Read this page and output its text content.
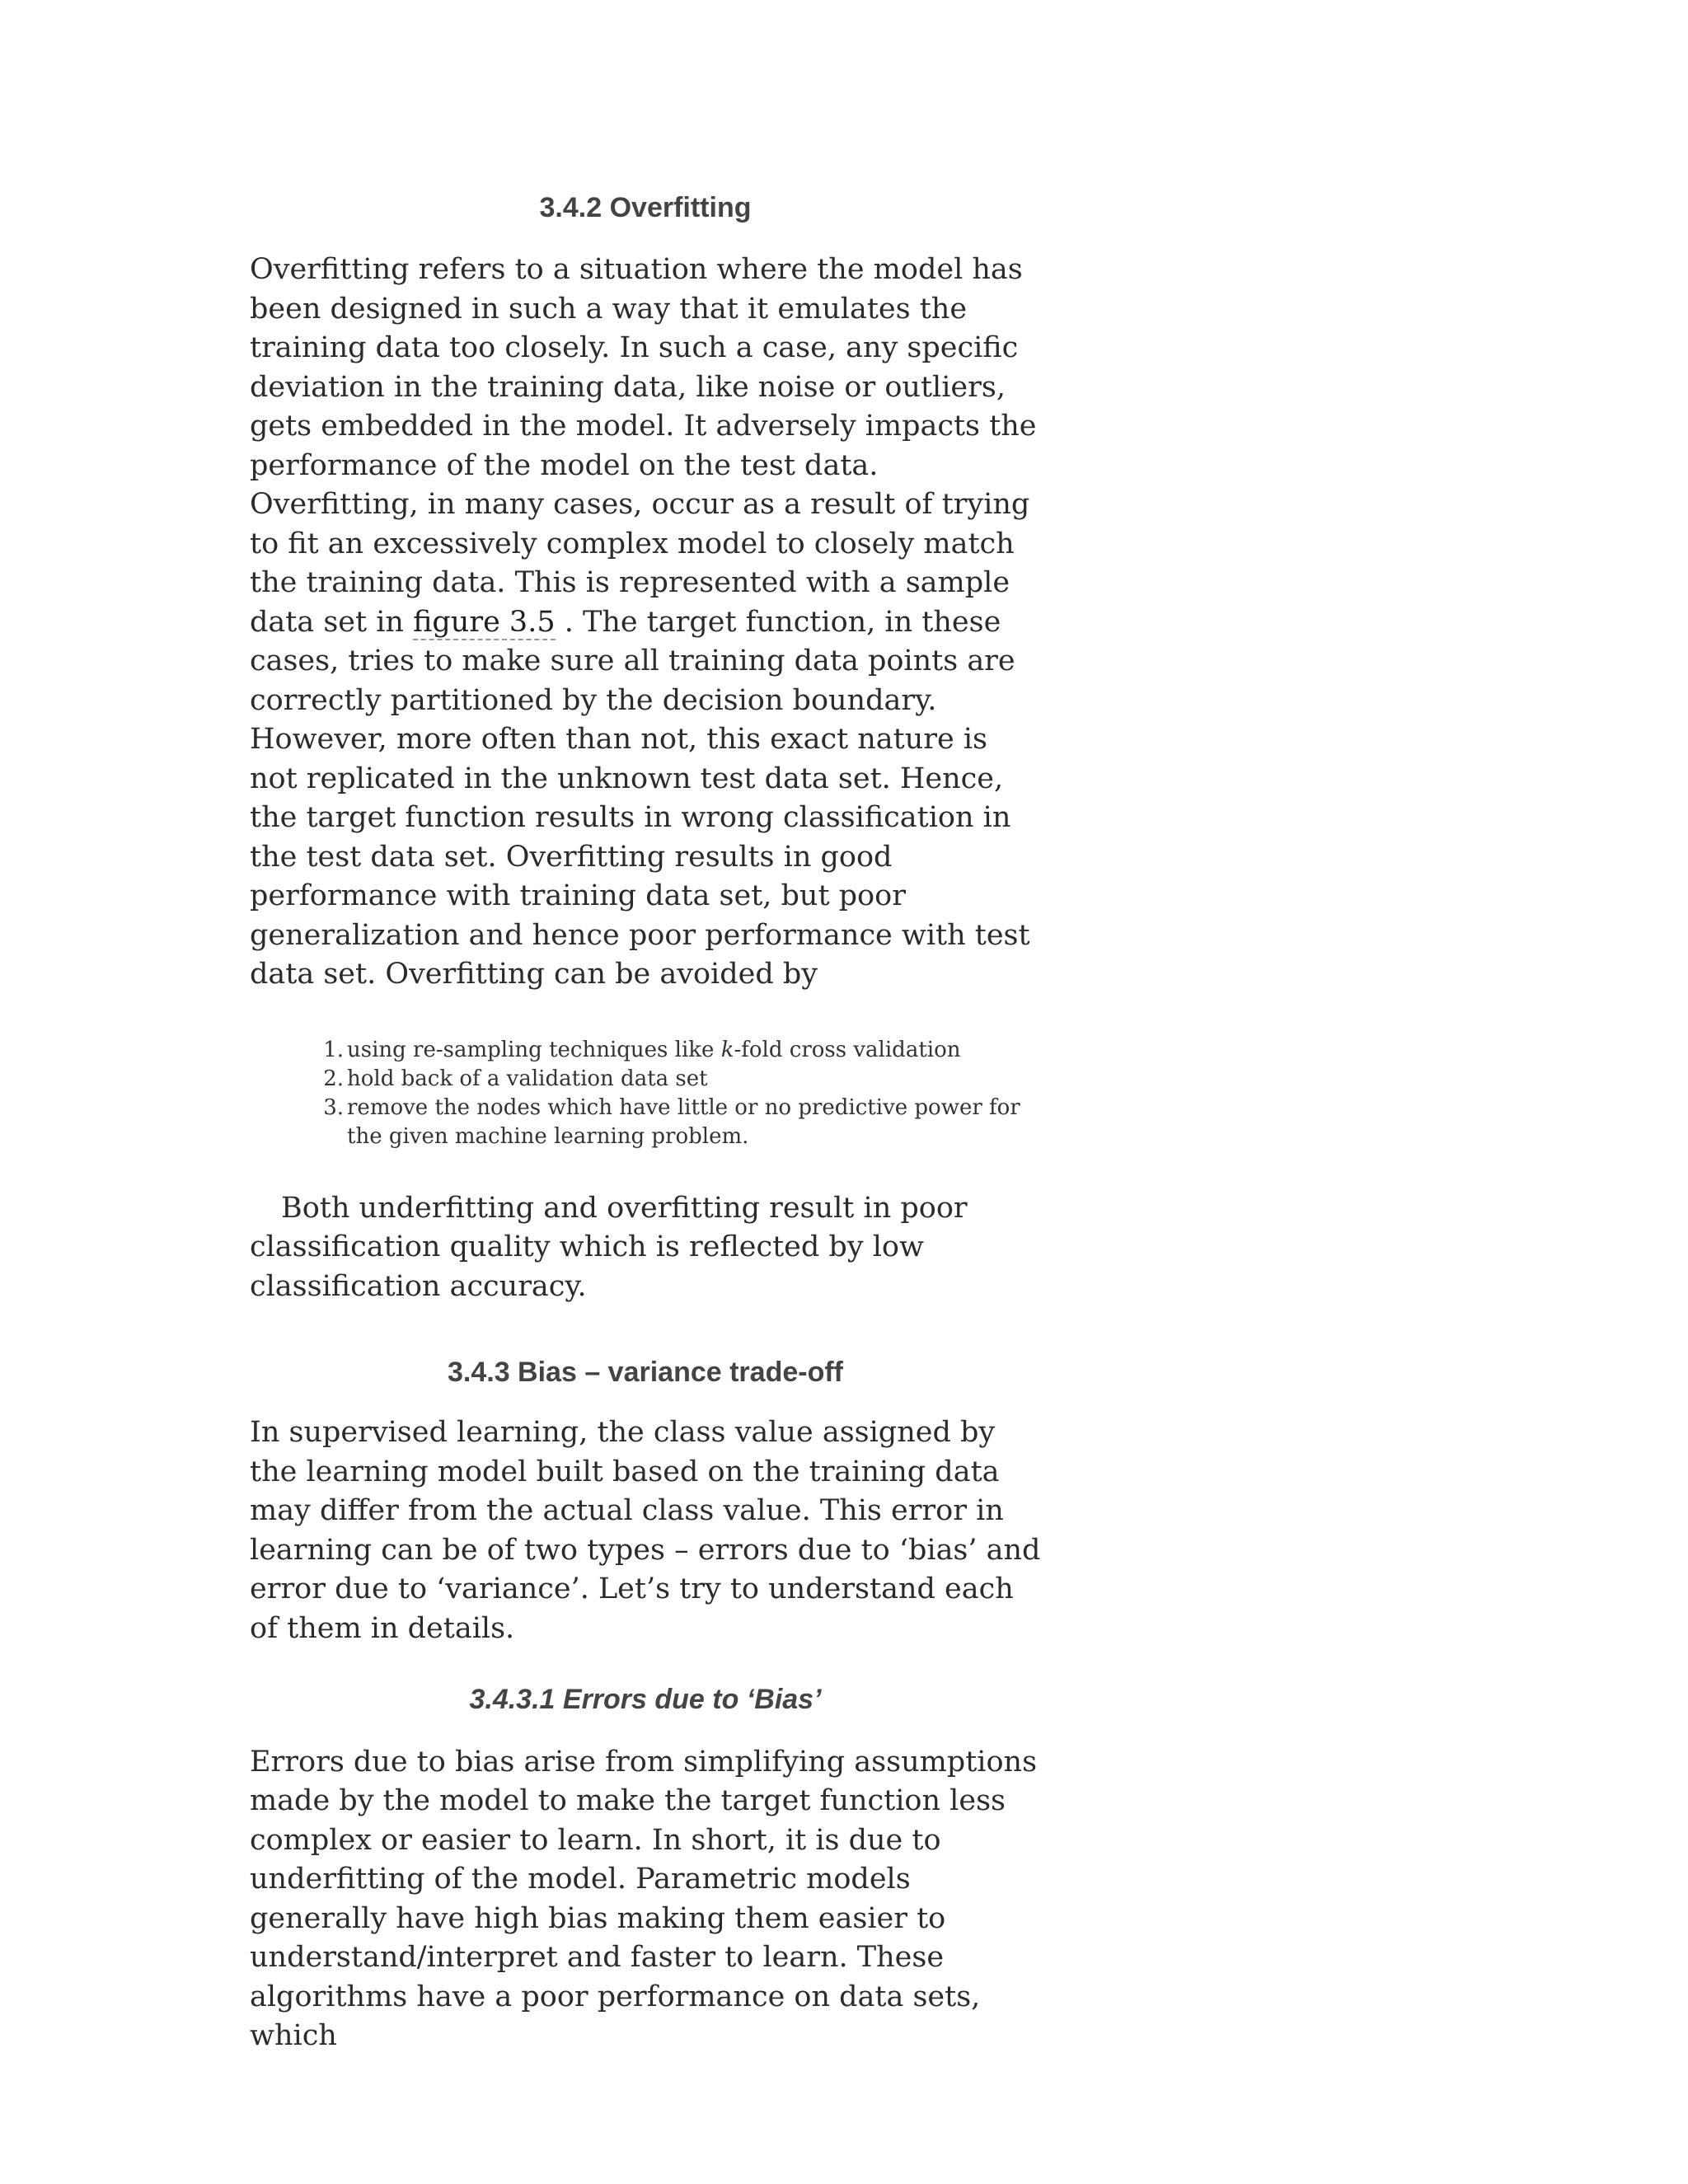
3.4.2 Overfitting

Overfitting refers to a situation where the model has been designed in such a way that it emulates the training data too closely. In such a case, any specific deviation in the training data, like noise or outliers, gets embedded in the model. It adversely impacts the performance of the model on the test data. Overfitting, in many cases, occur as a result of trying to fit an excessively complex model to closely match the training data. This is represented with a sample data set in figure 3.5 . The target function, in these cases, tries to make sure all training data points are correctly partitioned by the decision boundary. However, more often than not, this exact nature is not replicated in the unknown test data set. Hence, the target function results in wrong classification in the test data set. Overfitting results in good performance with training data set, but poor generalization and hence poor performance with test data set. Overfitting can be avoided by

1. using re-sampling techniques like k-fold cross validation
2. hold back of a validation data set
3. remove the nodes which have little or no predictive power for the given machine learning problem.

Both underfitting and overfitting result in poor classification quality which is reflected by low classification accuracy.

3.4.3 Bias – variance trade-off

In supervised learning, the class value assigned by the learning model built based on the training data may differ from the actual class value. This error in learning can be of two types – errors due to ‘bias’ and error due to ‘variance’. Let’s try to understand each of them in details.

3.4.3.1 Errors due to ‘Bias’

Errors due to bias arise from simplifying assumptions made by the model to make the target function less complex or easier to learn. In short, it is due to underfitting of the model. Parametric models generally have high bias making them easier to understand/interpret and faster to learn. These algorithms have a poor performance on data sets, which
